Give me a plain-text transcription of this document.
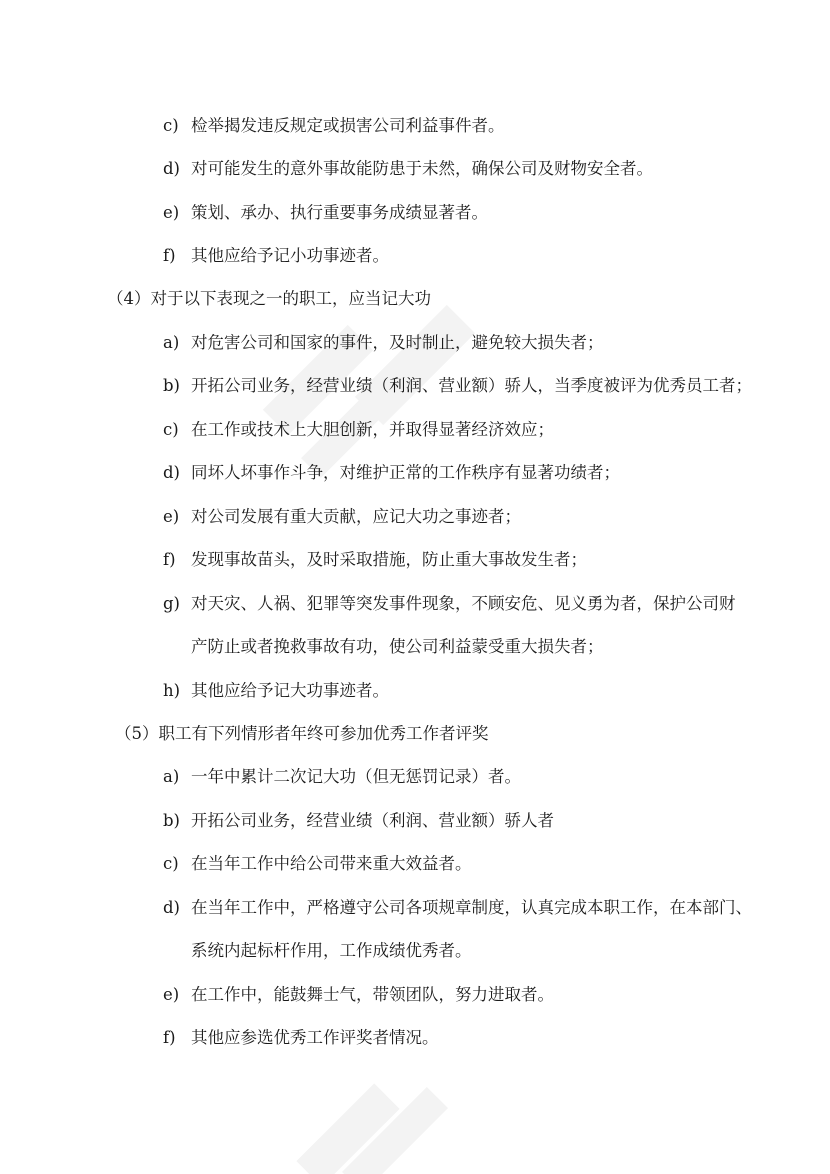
c) 检举揭发违反规定或损害公司利益事件者。
d) 对可能发生的意外事故能防患于未然，确保公司及财物安全者。
e) 策划、承办、执行重要事务成绩显著者。
f) 其他应给予记小功事迹者。
（4）对于以下表现之一的职工，应当记大功
a) 对危害公司和国家的事件，及时制止，避免较大损失者；
b) 开拓公司业务，经营业绩（利润、营业额）骄人，当季度被评为优秀员工者；
c) 在工作或技术上大胆创新，并取得显著经济效应；
d) 同坏人坏事作斗争，对维护正常的工作秩序有显著功绩者；
e) 对公司发展有重大贡献，应记大功之事迹者；
f) 发现事故苗头，及时采取措施，防止重大事故发生者；
g) 对天灾、人祸、犯罪等突发事件现象，不顾安危、见义勇为者，保护公司财
产防止或者挽救事故有功，使公司利益蒙受重大损失者；
h) 其他应给予记大功事迹者。
（5）职工有下列情形者年终可参加优秀工作者评奖
a) 一年中累计二次记大功（但无惩罚记录）者。
b) 开拓公司业务，经营业绩（利润、营业额）骄人者
c) 在当年工作中给公司带来重大效益者。
d) 在当年工作中，严格遵守公司各项规章制度，认真完成本职工作，在本部门、
系统内起标杆作用，工作成绩优秀者。
e) 在工作中，能鼓舞士气，带领团队，努力进取者。
f) 其他应参选优秀工作评奖者情况。
